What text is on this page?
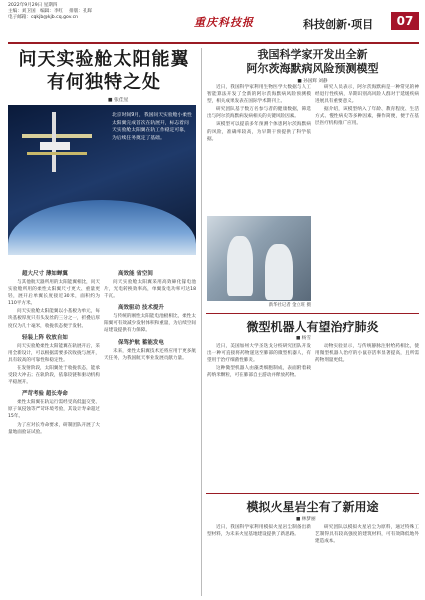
2022年9月29日 星期四
主编：刘卫国　编辑：李红 　排版：孔晖
电子邮箱：cqkjb@kjb.cq.gov.cn	重庆科技报	科技创新·项目	07
问天实验舱太阳能翼
有何独特之处
■ 张佳星
北京时间9月，我国问天实验舱小柔性太阳翼完成首次在轨展开，标志着问天实验舱太阳翼在轨工作稳定可靠，为后续任务奠定了基础。
超大尺寸 薄如蝉翼
与其他航天器所用的太阳能翼相比，问天实验舱所用的柔性太阳翼尺寸更大、重量更轻，展开后单翼长度接近30米，面积约为110平方米。
问天实验舱太阳能翼以小基板为单元，每块基板厚度只有头发丝的三分之一，折叠后厚度仅为几十毫米，收拢状态便于发射。
轻装上阵 收放自如
问天实验舱柔性太阳能翼在轨展开后，采用全新设计，可以根据需要多次收拢与展开，具有较高的可靠性和稳定性。
在发射阶段，太阳翼处于收拢状态，能承受较大冲击；在轨阶段，依靠铰链和驱动机构平稳展开。
严苛考验 超长寿命
柔性太阳翼在轨运行需经受高低温交变、原子氧侵蚀等严苛环境考验，其设计寿命超过15年。
为了应对长寿命要求，研制团队开展了大量地面验证试验。
高效能 省空间
问天实验舱太阳翼采用高效砷化镓电池片，光电转换效率高，单翼发电功率可达18千瓦。
高效驱动 技术提升
与传统的刚性太阳能电池板相比，柔性太阳翼可有效减少发射体积和重量，为后续空间站建设提供有力保障。
保驾护航 蓄能发电
未来，柔性太阳翼技术还将应用于更多航天任务，为我国航天事业发展贡献力量。
我国科学家开发出全新
阿尔茨海默病风险预测模型
■ 孙国辉 刘静
近日，我国科学家利用生物医学大数据与人工智能算法开发了全新的阿尔茨海默病风险预测模型，相关成果发表在国际学术期刊上。
研究团队基于数万名参与者的健康数据，筛选出与阿尔茨海默病发病相关的关键风险因素。
该模型可以提前多年预测个体患阿尔茨海默病的风险，准确率较高，为早期干预提供了科学依据。
研究人员表示，阿尔茨海默病是一种常见的神经退行性疾病，早期识别高风险人群对于延缓疾病进展具有重要意义。
据介绍，该模型纳入了年龄、教育程度、生活方式、慢性病史等多种因素，操作简便，便于在基层医疗机构推广应用。
新华社记者 金立旺 摄
微型机器人有望治疗肺炎
■ 杨雪
近日，美国加州大学圣迭戈分校研究团队开发出一种可直接将药物递送至肺部的微型机器人，有望用于治疗细菌性肺炎。
这种微型机器人由藻类细胞制成，表面附着载药纳米颗粒，可在肺部自主游动并释放药物。
动物实验显示，与传统静脉注射给药相比，使用微型机器人治疗的小鼠存活率显著提高，且所需药物剂量更低。
模拟火星岩尘有了新用途
■ 林梦丽
近日，我国科学家利用模拟火星岩尘制备出新型材料，为未来火星基地建设提供了新思路。
研究团队以模拟火星岩尘为原料，通过特殊工艺制得具有较高强度的建筑材料，可有效降低地外建造成本。
